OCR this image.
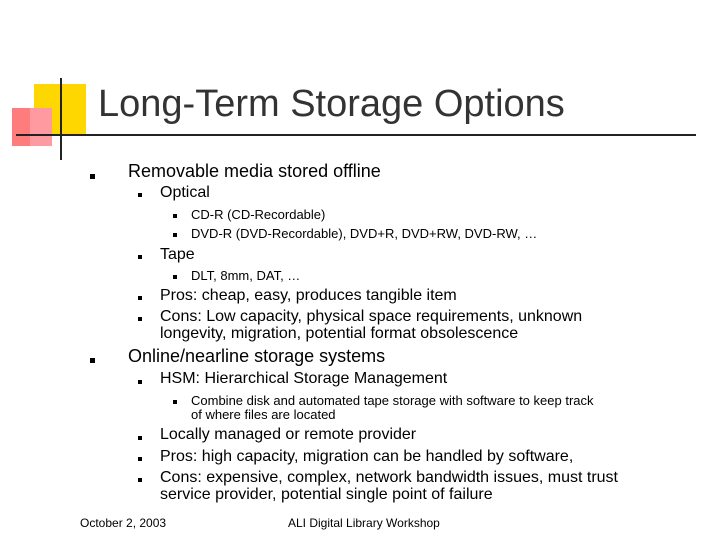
Long-Term Storage Options
Removable media stored offline
Optical
CD-R (CD-Recordable)
DVD-R (DVD-Recordable), DVD+R, DVD+RW, DVD-RW, …
Tape
DLT, 8mm, DAT, …
Pros: cheap, easy, produces tangible item
Cons: Low capacity, physical space requirements, unknown
longevity, migration, potential format obsolescence
Online/nearline storage systems
HSM: Hierarchical Storage Management
Combine disk and automated tape storage with software to keep track
of where files are located
Locally managed or remote provider
Pros: high capacity, migration can be handled by software,
Cons: expensive, complex, network bandwidth issues, must trust
service provider, potential single point of failure
October 2, 2003	ALI Digital Library Workshop
